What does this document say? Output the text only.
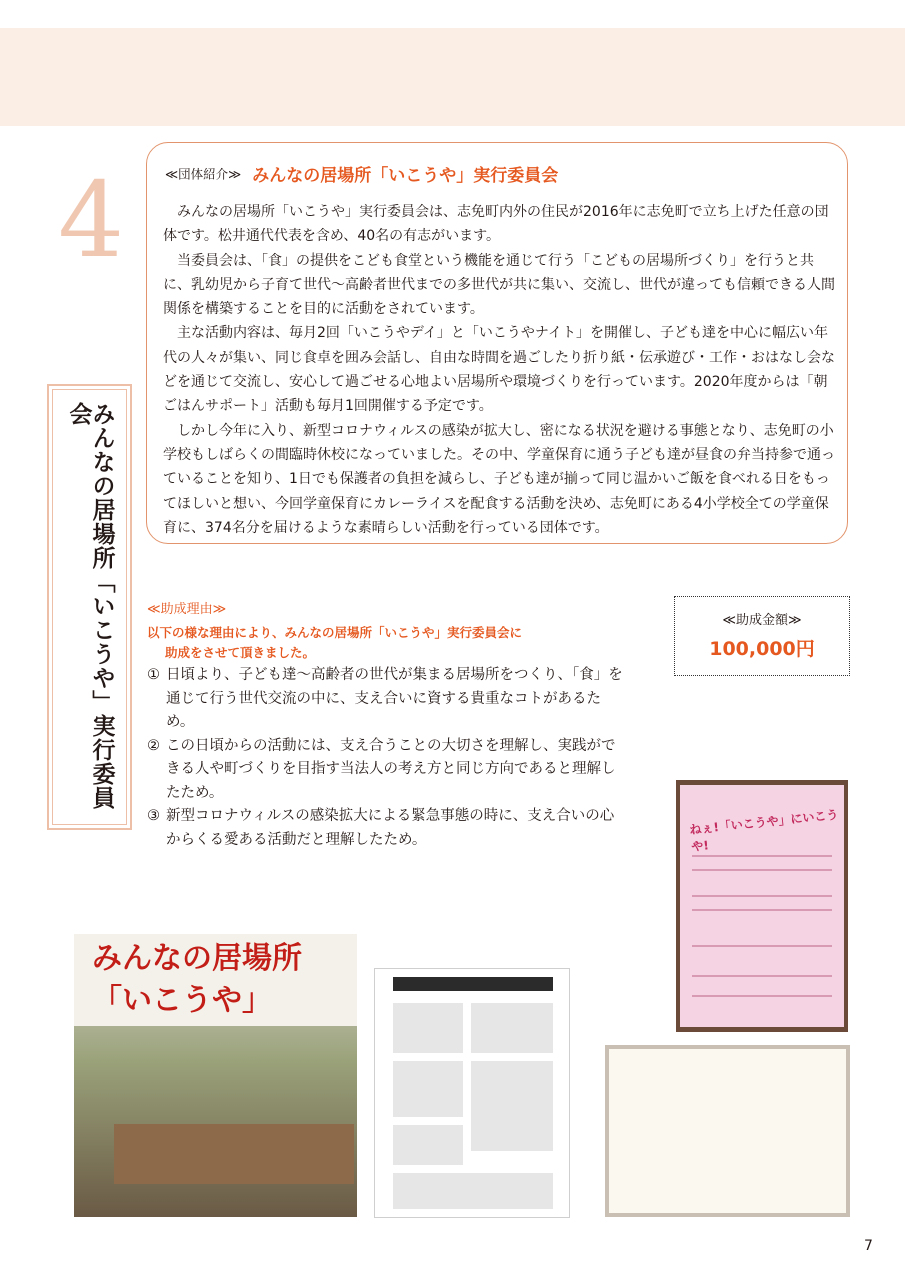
4	≪団体紹介≫ みんなの居場所「いこうや」実行委員会

みんなの居場所「いこうや」実行委員会は、志免町内外の住民が2016年に志免町で立ち上げた任意の団体です。松井通代代表を含め、40名の有志がいます。

当委員会は、「食」の提供をこども食堂という機能を通じて行う「こどもの居場所づくり」を行うと共に、乳幼児から子育て世代～高齢者世代までの多世代が共に集い、交流し、世代が違っても信頼できる人間関係を構築することを目的に活動をされています。

主な活動内容は、毎月2回「いこうやデイ」と「いこうやナイト」を開催し、子ども達を中心に幅広い年代の人々が集い、同じ食卓を囲み会話し、自由な時間を過ごしたり折り紙・伝承遊び・工作・おはなし会などを通じて交流し、安心して過ごせる心地よい居場所や環境づくりを行っています。2020年度からは「朝ごはんサポート」活動も毎月1回開催する予定です。

しかし今年に入り、新型コロナウィルスの感染が拡大し、密になる状況を避ける事態となり、志免町の小学校もしばらくの間臨時休校になっていました。その中、学童保育に通う子ども達が昼食の弁当持参で通っていることを知り、1日でも保護者の負担を減らし、子ども達が揃って同じ温かいご飯を食べれる日をもってほしいと想い、今回学童保育にカレーライスを配食する活動を決め、志免町にある4小学校全ての学童保育に、374名分を届けるような素晴らしい活動を行っている団体です。

みんなの居場所「いこうや」実行委員会
≪助成理由≫
以下の様な理由により、みんなの居場所「いこうや」実行委員会に
助成をさせて頂きました。
① 日頃より、子ども達～高齢者の世代が集まる居場所をつくり、「食」を通じて行う世代交流の中に、支え合いに資する貴重なコトがあるため。
② この日頃からの活動には、支え合うことの大切さを理解し、実践ができる人や町づくりを目指す当法人の考え方と同じ方向であると理解したため。
③ 新型コロナウィルスの感染拡大による緊急事態の時に、支え合いの心からくる愛ある活動だと理解したため。
≪助成金額≫
100,000円
ねぇ!「いこうや」にいこうや!
みんなの居場所
「いこうや」
7
